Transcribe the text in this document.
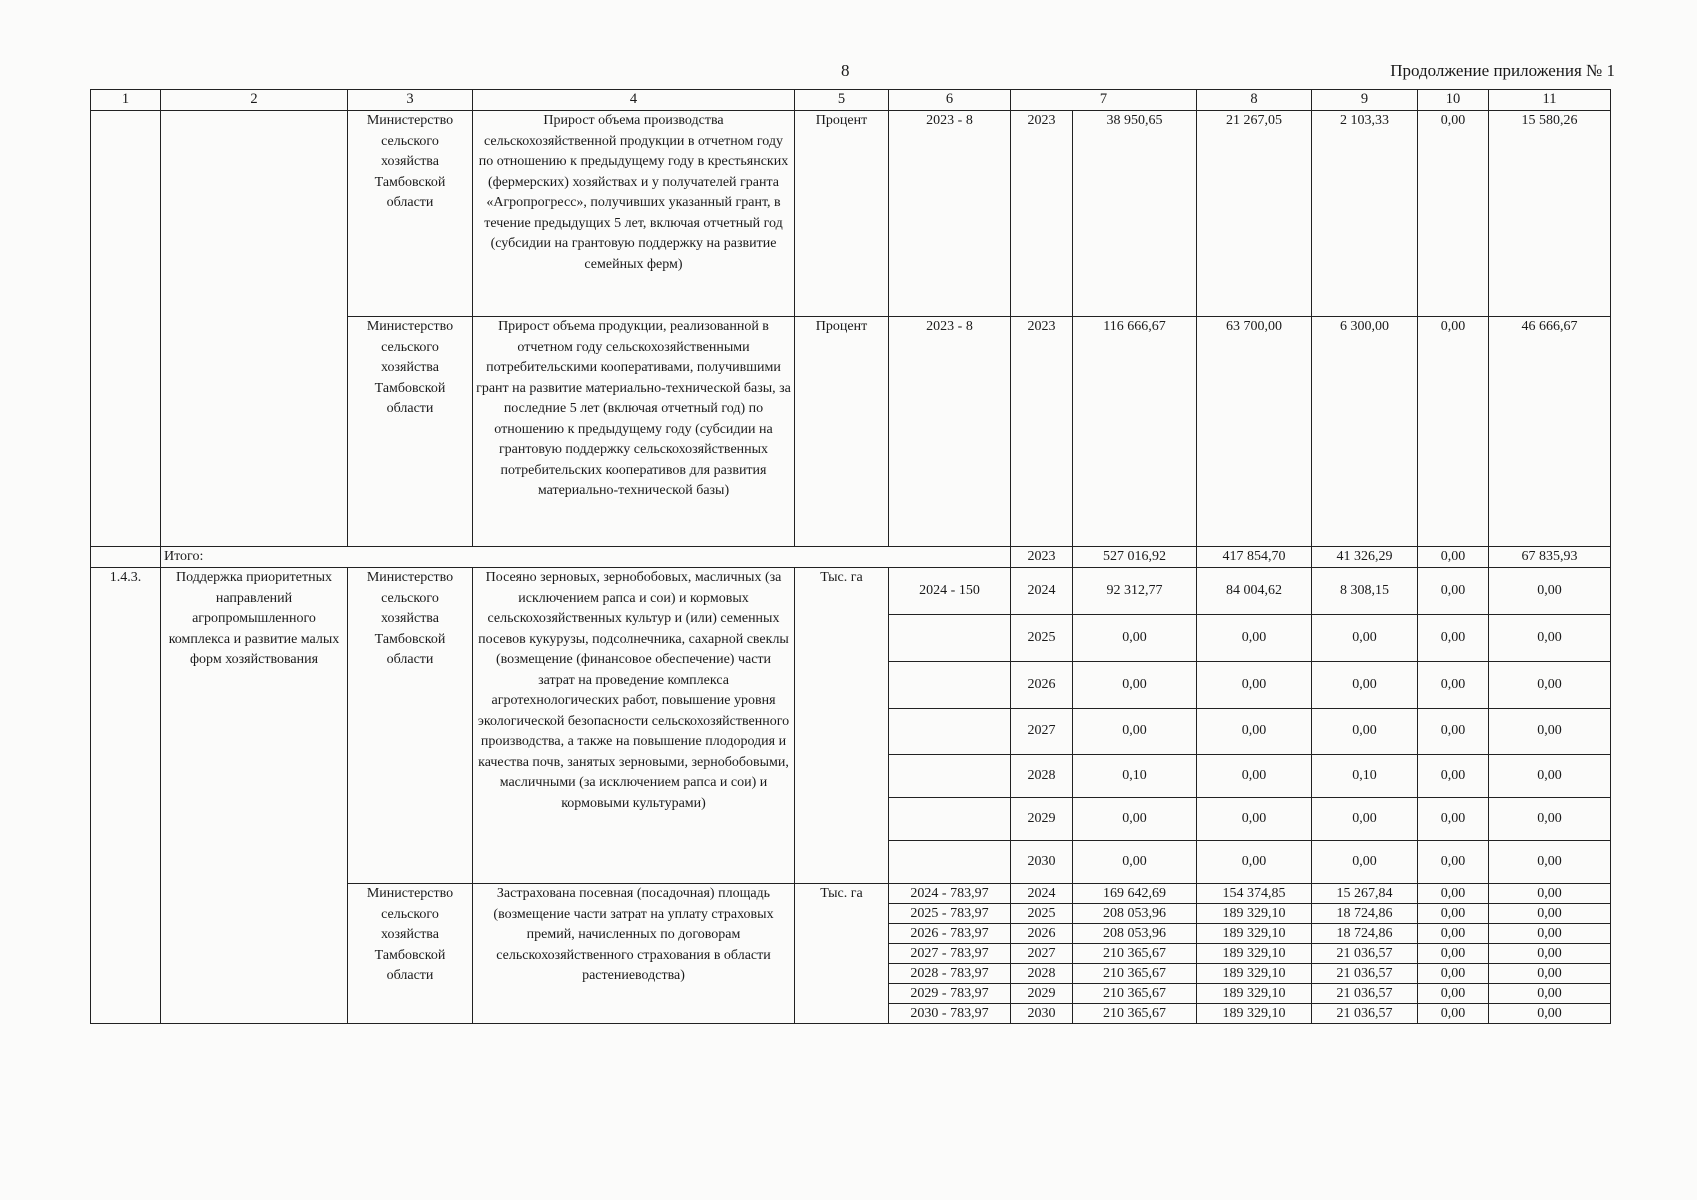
8	Продолжение приложения № 1
1	2	3	4	5	6	7		8	9	10	11
		Министерство сельского хозяйства Тамбовской области	Прирост объема производства сельскохозяйственной продукции в отчетном году по отношению к предыдущему году в крестьянских (фермерских) хозяйствах и у получателей гранта «Агропрогресс», получивших указанный грант, в течение предыдущих 5 лет, включая отчетный год (субсидии на грантовую поддержку на развитие семейных ферм)	Процент	2023 - 8	2023	38 950,65	21 267,05	2 103,33	0,00	15 580,26
		Министерство сельского хозяйства Тамбовской области	Прирост объема продукции, реализованной в отчетном году сельскохозяйственными потребительскими кооперативами, получившими грант на развитие материально-технической базы, за последние 5 лет (включая отчетный год) по отношению к предыдущему году (субсидии на грантовую поддержку сельскохозяйственных потребительских кооперативов для развития материально-технической базы)	Процент	2023 - 8	2023	116 666,67	63 700,00	6 300,00	0,00	46 666,67
	Итого:					2023	527 016,92	417 854,70	41 326,29	0,00	67 835,93
1.4.3.	Поддержка приоритетных направлений агропромышленного комплекса и развитие малых форм хозяйствования	Министерство сельского хозяйства Тамбовской области	Посеяно зерновых, зернобобовых, масличных (за исключением рапса и сои) и кормовых сельскохозяйственных культур и (или) семенных посевов кукурузы, подсолнечника, сахарной свеклы (возмещение (финансовое обеспечение) части затрат на проведение комплекса агротехнологических работ, повышение уровня экологической безопасности сельскохозяйственного производства, а также на повышение плодородия и качества почв, занятых зерновыми, зернобобовыми, масличными (за исключением рапса и сои) и кормовыми культурами)	Тыс. га	2024 - 150	2024	92 312,77	84 004,62	8 308,15	0,00	0,00
						2025	0,00	0,00	0,00	0,00	0,00
						2026	0,00	0,00	0,00	0,00	0,00
						2027	0,00	0,00	0,00	0,00	0,00
						2028	0,10	0,00	0,10	0,00	0,00
						2029	0,00	0,00	0,00	0,00	0,00
						2030	0,00	0,00	0,00	0,00	0,00
		Министерство сельского хозяйства Тамбовской области	Застрахована посевная (посадочная) площадь (возмещение части затрат на уплату страховых премий, начисленных по договорам сельскохозяйственного страхования в области растениеводства)	Тыс. га	2024 - 783,97	2024	169 642,69	154 374,85	15 267,84	0,00	0,00
					2025 - 783,97	2025	208 053,96	189 329,10	18 724,86	0,00	0,00
					2026 - 783,97	2026	208 053,96	189 329,10	18 724,86	0,00	0,00
					2027 - 783,97	2027	210 365,67	189 329,10	21 036,57	0,00	0,00
					2028 - 783,97	2028	210 365,67	189 329,10	21 036,57	0,00	0,00
					2029 - 783,97	2029	210 365,67	189 329,10	21 036,57	0,00	0,00
					2030 - 783,97	2030	210 365,67	189 329,10	21 036,57	0,00	0,00
